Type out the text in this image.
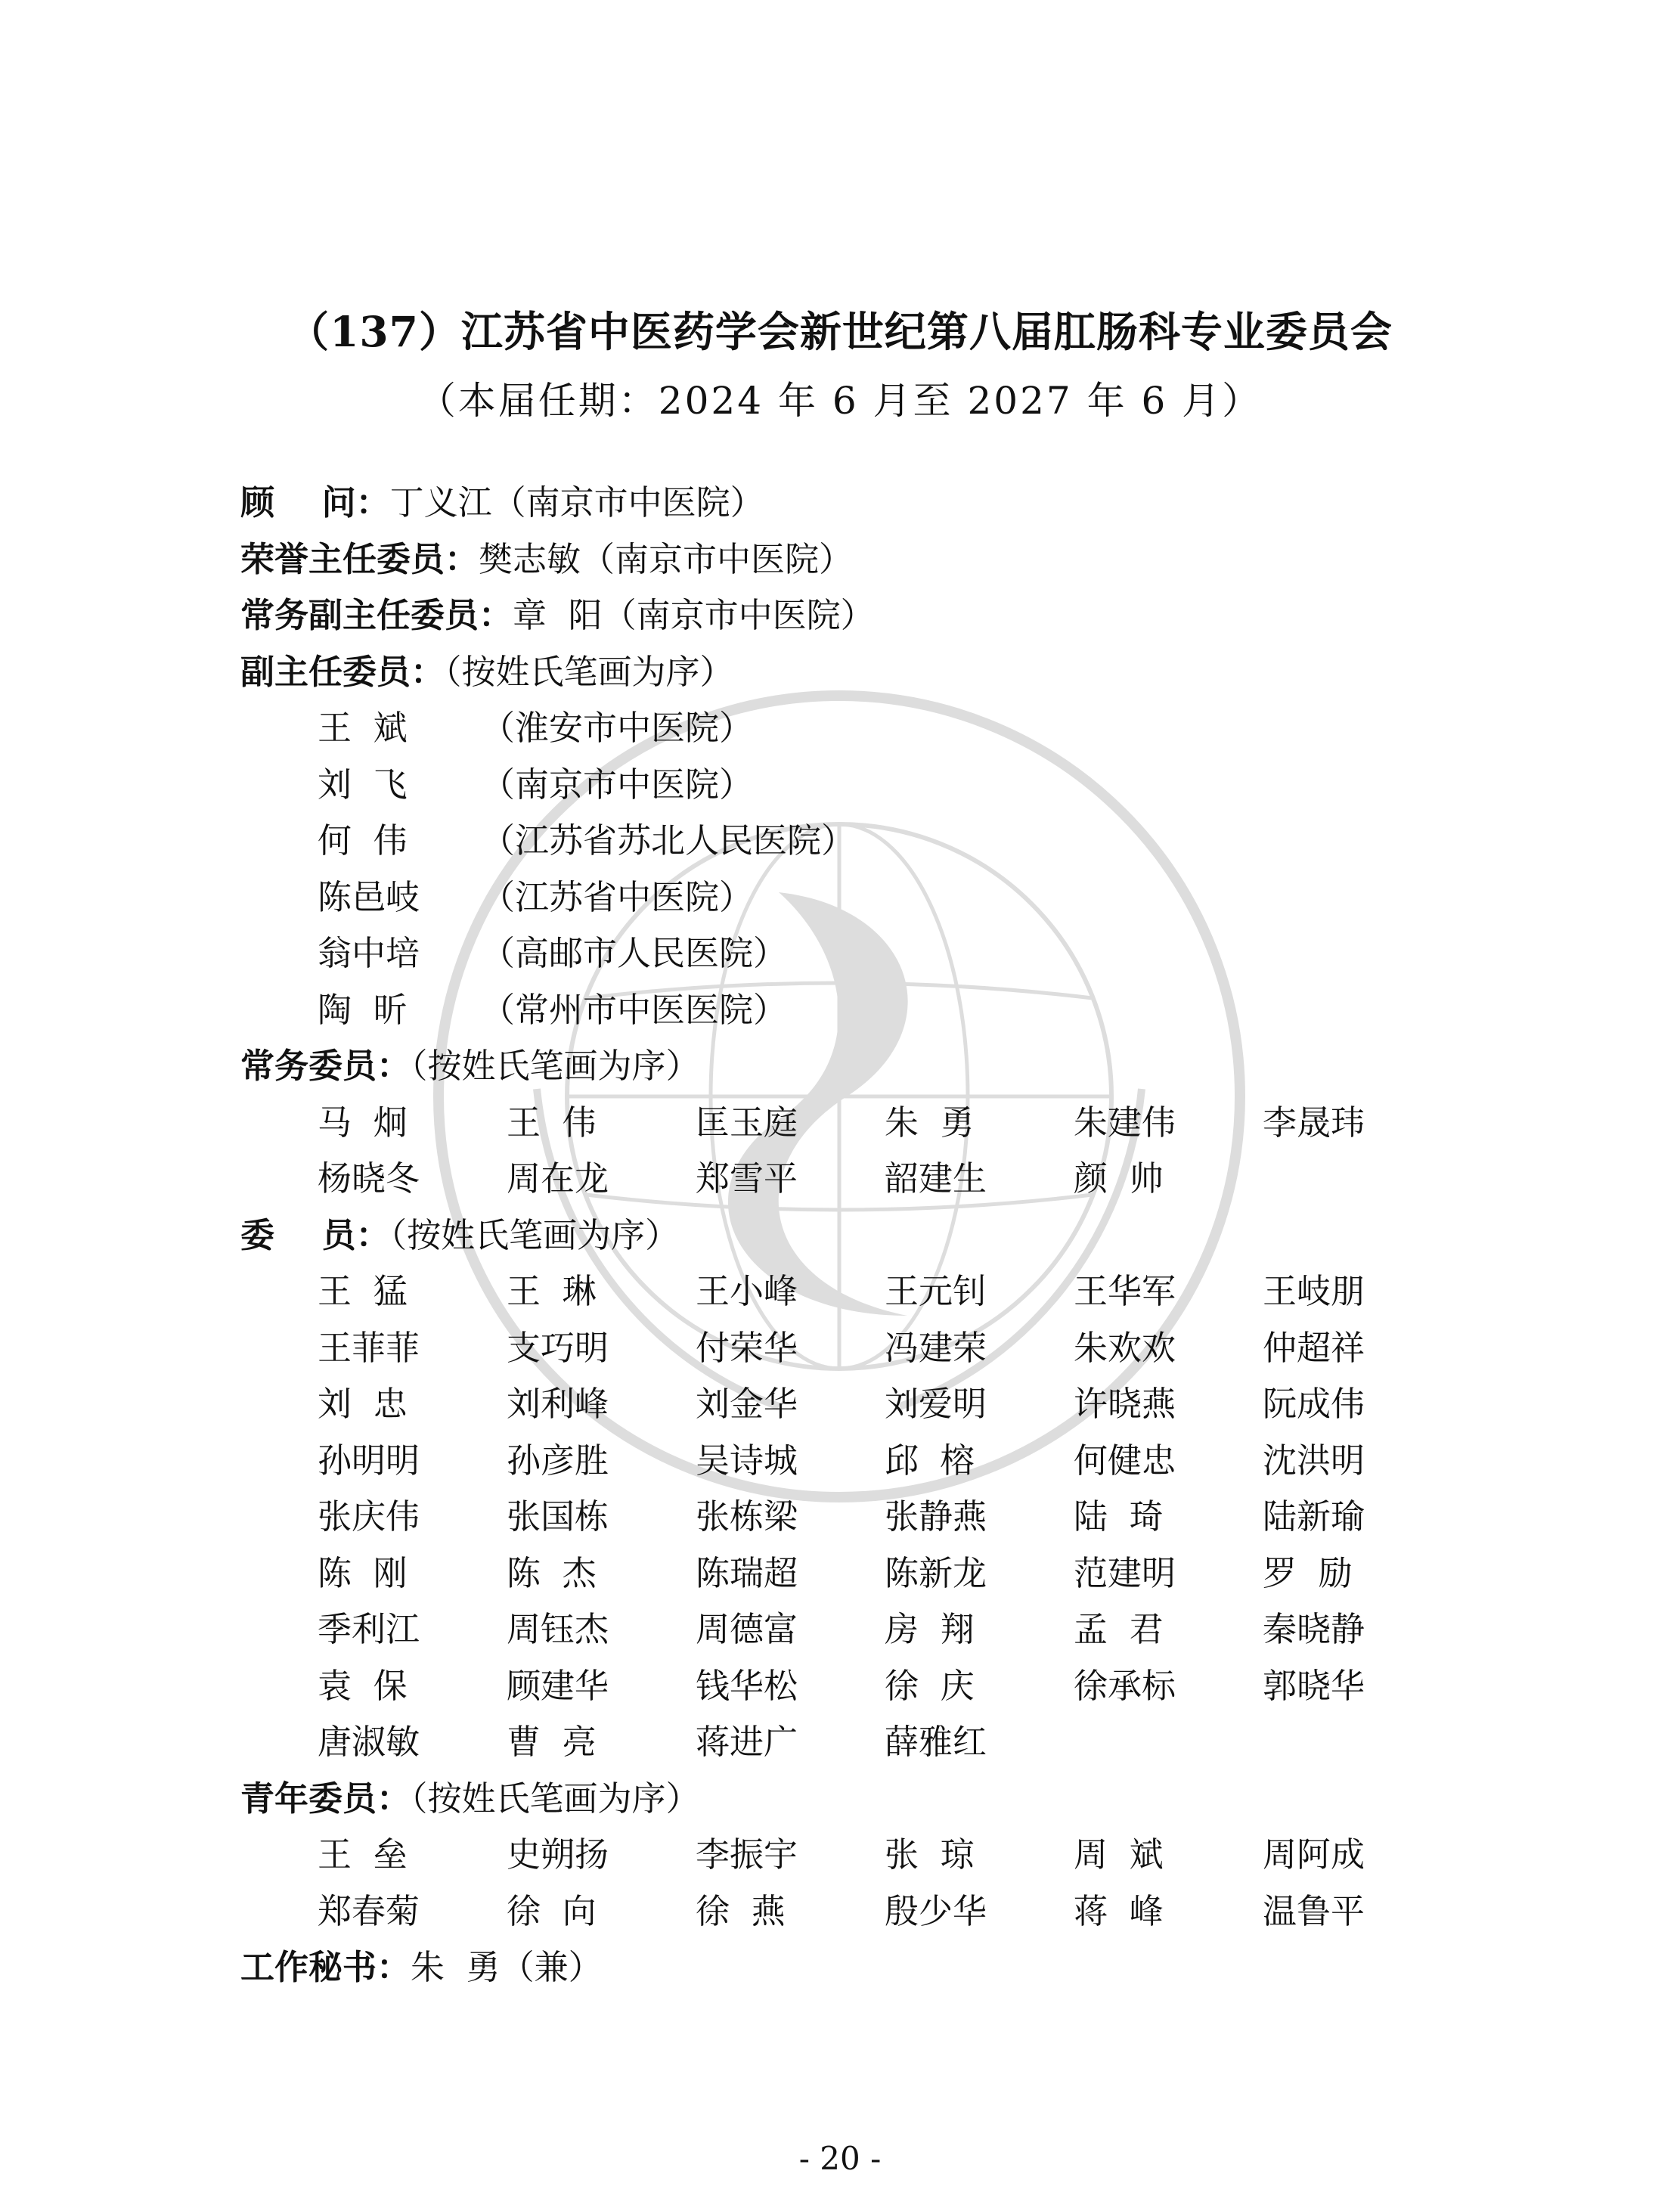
（137）江苏省中医药学会新世纪第八届肛肠科专业委员会
（本届任期：2024 年 6 月至 2027 年 6 月）
顾    问：丁义江（南京市中医院）
荣誉主任委员：樊志敏（南京市中医院）
常务副主任委员：章  阳（南京市中医院）
副主任委员：（按姓氏笔画为序）
王  斌 （淮安市中医院）
刘  飞 （南京市中医院）
何  伟 （江苏省苏北人民医院）
陈邑岐 （江苏省中医院）
翁中培 （高邮市人民医院）
陶  昕 （常州市中医医院）
常务委员：（按姓氏笔画为序）
马  炯	王  伟	匡玉庭	朱  勇	朱建伟	李晟玮
杨晓冬	周在龙	郑雪平	韶建生	颜  帅
委    员：（按姓氏笔画为序）
王  猛	王  琳	王小峰	王元钊	王华军	王岐朋
王菲菲	支巧明	付荣华	冯建荣	朱欢欢	仲超祥
刘  忠	刘利峰	刘金华	刘爱明	许晓燕	阮成伟
孙明明	孙彦胜	吴诗城	邱  榕	何健忠	沈洪明
张庆伟	张国栋	张栋梁	张静燕	陆  琦	陆新瑜
陈  刚	陈  杰	陈瑞超	陈新龙	范建明	罗  励
季利江	周钰杰	周德富	房  翔	孟  君	秦晓静
袁  保	顾建华	钱华松	徐  庆	徐承标	郭晓华
唐淑敏	曹  亮	蒋进广	薛雅红
青年委员：（按姓氏笔画为序）
王  垒	史朔扬	李振宇	张  琼	周  斌	周阿成
郑春菊	徐  向	徐  燕	殷少华	蒋  峰	温鲁平
工作秘书：朱  勇（兼）
- 20 -
